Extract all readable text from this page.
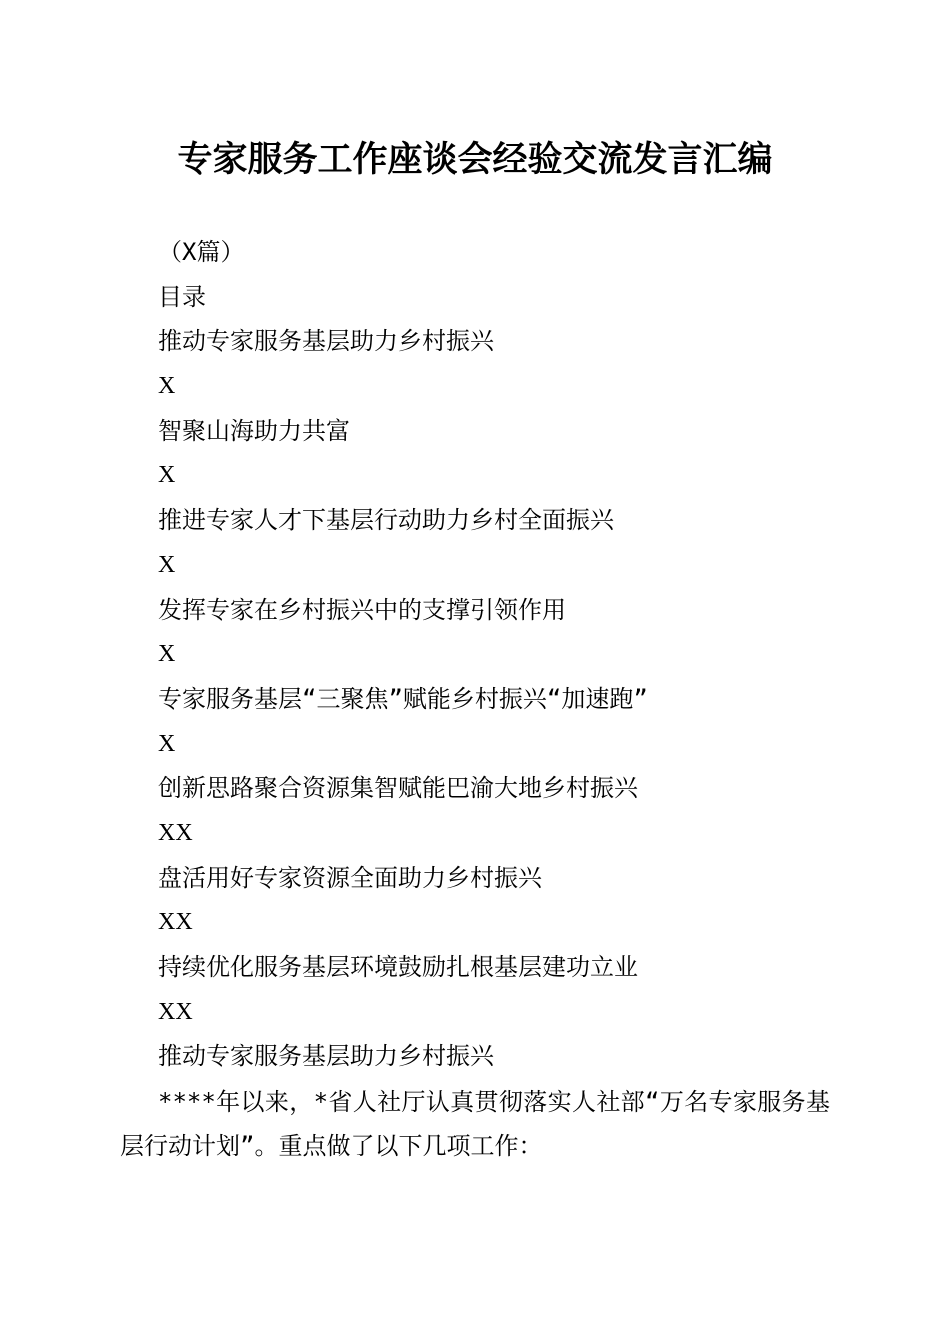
专家服务工作座谈会经验交流发言汇编
（X篇）
目录
推动专家服务基层助力乡村振兴
X
智聚山海助力共富
X
推进专家人才下基层行动助力乡村全面振兴
X
发挥专家在乡村振兴中的支撑引领作用
X
专家服务基层“三聚焦”赋能乡村振兴“加速跑”
X
创新思路聚合资源集智赋能巴渝大地乡村振兴
XX
盘活用好专家资源全面助力乡村振兴
XX
持续优化服务基层环境鼓励扎根基层建功立业
XX
推动专家服务基层助力乡村振兴
****年以来，*省人社厅认真贯彻落实人社部“万名专家服务基层行动计划”。重点做了以下几项工作：
